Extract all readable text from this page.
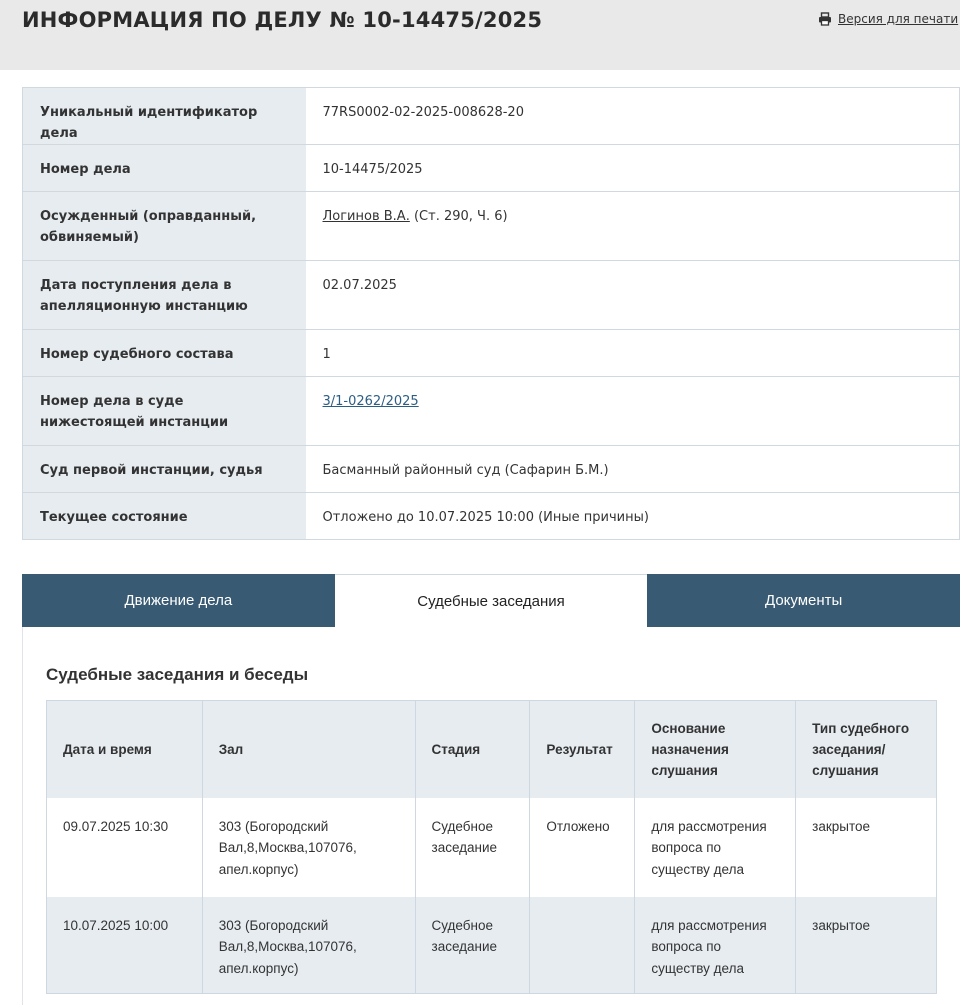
ИНФОРМАЦИЯ ПО ДЕЛУ № 10-14475/2025	Версия для печати
Уникальный идентификатор дела	77RS0002-02-2025-008628-20
Номер дела	10-14475/2025
Осужденный (оправданный, обвиняемый)	Логинов В.А. (Ст. 290, Ч. 6)
Дата поступления дела в апелляционную инстанцию	02.07.2025
Номер судебного состава	1
Номер дела в суде нижестоящей инстанции	3/1-0262/2025
Суд первой инстанции, судья	Басманный районный суд (Сафарин Б.М.)
Текущее состояние	Отложено до 10.07.2025 10:00 (Иные причины)
Движение дела	Судебные заседания	Документы
Судебные заседания и беседы
Дата и время	Зал	Стадия	Результат	Основание назначения слушания	Тип судебного заседания/ слушания
09.07.2025 10:30	303 (Богородский Вал,8,Москва,107076, апел.корпус)	Судебное заседание	Отложено	для рассмотрения вопроса по существу дела	закрытое
10.07.2025 10:00	303 (Богородский Вал,8,Москва,107076, апел.корпус)	Судебное заседание		для рассмотрения вопроса по существу дела	закрытое
